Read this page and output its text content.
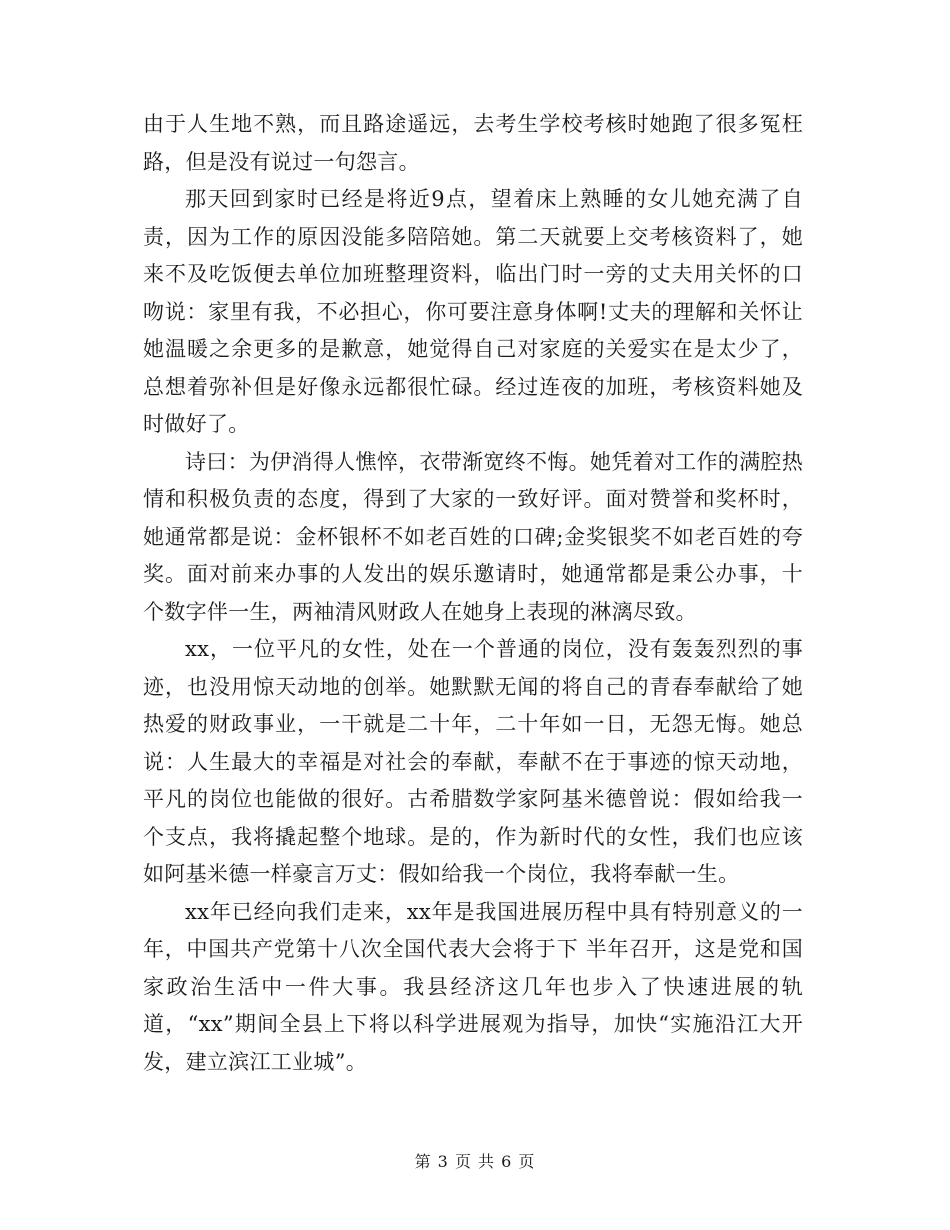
由于人生地不熟，而且路途遥远，去考生学校考核时她跑了很多冤枉路，但是没有说过一句怨言。

那天回到家时已经是将近9点，望着床上熟睡的女儿她充满了自责，因为工作的原因没能多陪陪她。第二天就要上交考核资料了，她来不及吃饭便去单位加班整理资料，临出门时一旁的丈夫用关怀的口吻说：家里有我，不必担心，你可要注意身体啊!丈夫的理解和关怀让她温暖之余更多的是歉意，她觉得自己对家庭的关爱实在是太少了，总想着弥补但是好像永远都很忙碌。经过连夜的加班，考核资料她及时做好了。

诗曰：为伊消得人憔悴，衣带渐宽终不悔。她凭着对工作的满腔热情和积极负责的态度，得到了大家的一致好评。面对赞誉和奖杯时，她通常都是说：金杯银杯不如老百姓的口碑;金奖银奖不如老百姓的夸奖。面对前来办事的人发出的娱乐邀请时，她通常都是秉公办事，十个数字伴一生，两袖清风财政人在她身上表现的淋漓尽致。

xx，一位平凡的女性，处在一个普通的岗位，没有轰轰烈烈的事迹，也没用惊天动地的创举。她默默无闻的将自己的青春奉献给了她热爱的财政事业，一干就是二十年，二十年如一日，无怨无悔。她总说：人生最大的幸福是对社会的奉献，奉献不在于事迹的惊天动地，平凡的岗位也能做的很好。古希腊数学家阿基米德曾说：假如给我一个支点，我将撬起整个地球。是的，作为新时代的女性，我们也应该如阿基米德一样豪言万丈：假如给我一个岗位，我将奉献一生。

xx年已经向我们走来，xx年是我国进展历程中具有特别意义的一年，中国共产党第十八次全国代表大会将于下 半年召开，这是党和国家政治生活中一件大事。我县经济这几年也步入了快速进展的轨道，“xx”期间全县上下将以科学进展观为指导，加快“实施沿江大开发，建立滨江工业城”。

第 3 页 共 6 页
